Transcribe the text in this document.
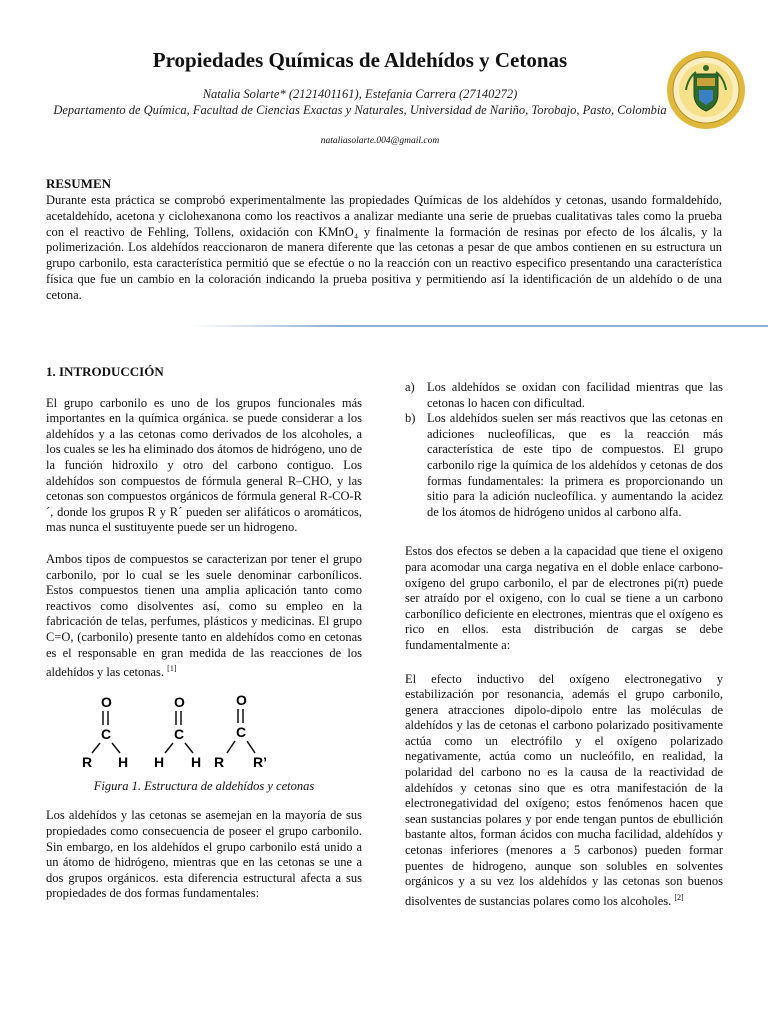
Propiedades Químicas de Aldehídos y Cetonas
Natalia Solarte* (2121401161), Estefania Carrera (27140272)
Departamento de Química, Facultad de Ciencias Exactas y Naturales, Universidad de Nariño, Torobajo, Pasto, Colombia
nataliasolarte.004@gmail.com
RESUMEN
Durante esta práctica se comprobó experimentalmente las propiedades Químicas de los aldehídos y cetonas, usando formaldehído, acetaldehído, acetona y ciclohexanona como los reactivos a analizar mediante una serie de pruebas cualitativas tales como la prueba con el reactivo de Fehling, Tollens, oxidación con KMnO₄ y finalmente la formación de resinas por efecto de los álcalis, y la polimerización. Los aldehídos reaccionaron de manera diferente que las cetonas a pesar de que ambos contienen en su estructura un grupo carbonilo, esta característica permitió que se efectúe o no la reacción con un reactivo especifico presentando una característica física que fue un cambio en la coloración indicando la prueba positiva y permitiendo así la identificación de un aldehído o de una cetona.
1. INTRODUCCIÓN

El grupo carbonilo es uno de los grupos funcionales más importantes en la química orgánica. se puede considerar a los aldehídos y a las cetonas como derivados de los alcoholes, a los cuales se les ha eliminado dos átomos de hidrógeno, uno de la función hidroxilo y otro del carbono contiguo. Los aldehídos son compuestos de fórmula general R–CHO, y las cetonas son compuestos orgánicos de fórmula general R-CO-R´, donde los grupos R y R´ pueden ser alifáticos o aromáticos, mas nunca el sustituyente puede ser un hidrogeno.

Ambos tipos de compuestos se caracterizan por tener el grupo carbonilo, por lo cual se les suele denominar carbonílicos. Estos compuestos tienen una amplia aplicación tanto como reactivos como disolventes así, como su empleo en la fabricación de telas, perfumes, plásticos y medicinas. El grupo C=O, (carbonilo) presente tanto en aldehídos como en cetonas es el responsable en gran medida de las reacciones de los aldehídos y las cetonas. [1]

O
C
R H
O
C
H H
O
C
R R’
Figura 1. Estructura de aldehídos y cetonas

Los aldehídos y las cetonas se asemejan en la mayoría de sus propiedades como consecuencia de poseer el grupo carbonilo. Sin embargo, en los aldehídos el grupo carbonilo está unido a un átomo de hidrógeno, mientras que en las cetonas se une a dos grupos orgánicos. esta diferencia estructural afecta a sus propiedades de dos formas fundamentales:

a) Los aldehídos se oxidan con facilidad mientras que las cetonas lo hacen con dificultad.
b) Los aldehídos suelen ser más reactivos que las cetonas en adiciones nucleofílicas, que es la reacción más característica de este tipo de compuestos. El grupo carbonilo rige la química de los aldehídos y cetonas de dos formas fundamentales: la primera es proporcionando un sitio para la adición nucleofílica. y aumentando la acidez de los átomos de hidrógeno unidos al carbono alfa.

Estos dos efectos se deben a la capacidad que tiene el oxigeno para acomodar una carga negativa en el doble enlace carbono-oxígeno del grupo carbonilo, el par de electrones pi(π) puede ser atraído por el oxigeno, con lo cual se tiene a un carbono carbonílico deficiente en electrones, mientras que el oxígeno es rico en ellos. esta distribución de cargas se debe fundamentalmente a:

El efecto inductivo del oxígeno electronegativo y estabilización por resonancia, además el grupo carbonilo, genera atracciones dipolo-dipolo entre las moléculas de aldehídos y las de cetonas el carbono polarizado positivamente actúa como un electrófilo y el oxígeno polarizado negativamente, actúa como un nucleófilo, en realidad, la polaridad del carbono no es la causa de la reactividad de aldehídos y cetonas sino que es otra manifestación de la electronegatividad del oxígeno; estos fenómenos hacen que sean sustancias polares y por ende tengan puntos de ebullición bastante altos, forman ácidos con mucha facilidad, aldehídos y cetonas inferiores (menores a 5 carbonos) pueden formar puentes de hidrogeno, aunque son solubles en solventes orgánicos y a su vez los aldehídos y las cetonas son buenos disolventes de sustancias polares como los alcoholes. [2]
